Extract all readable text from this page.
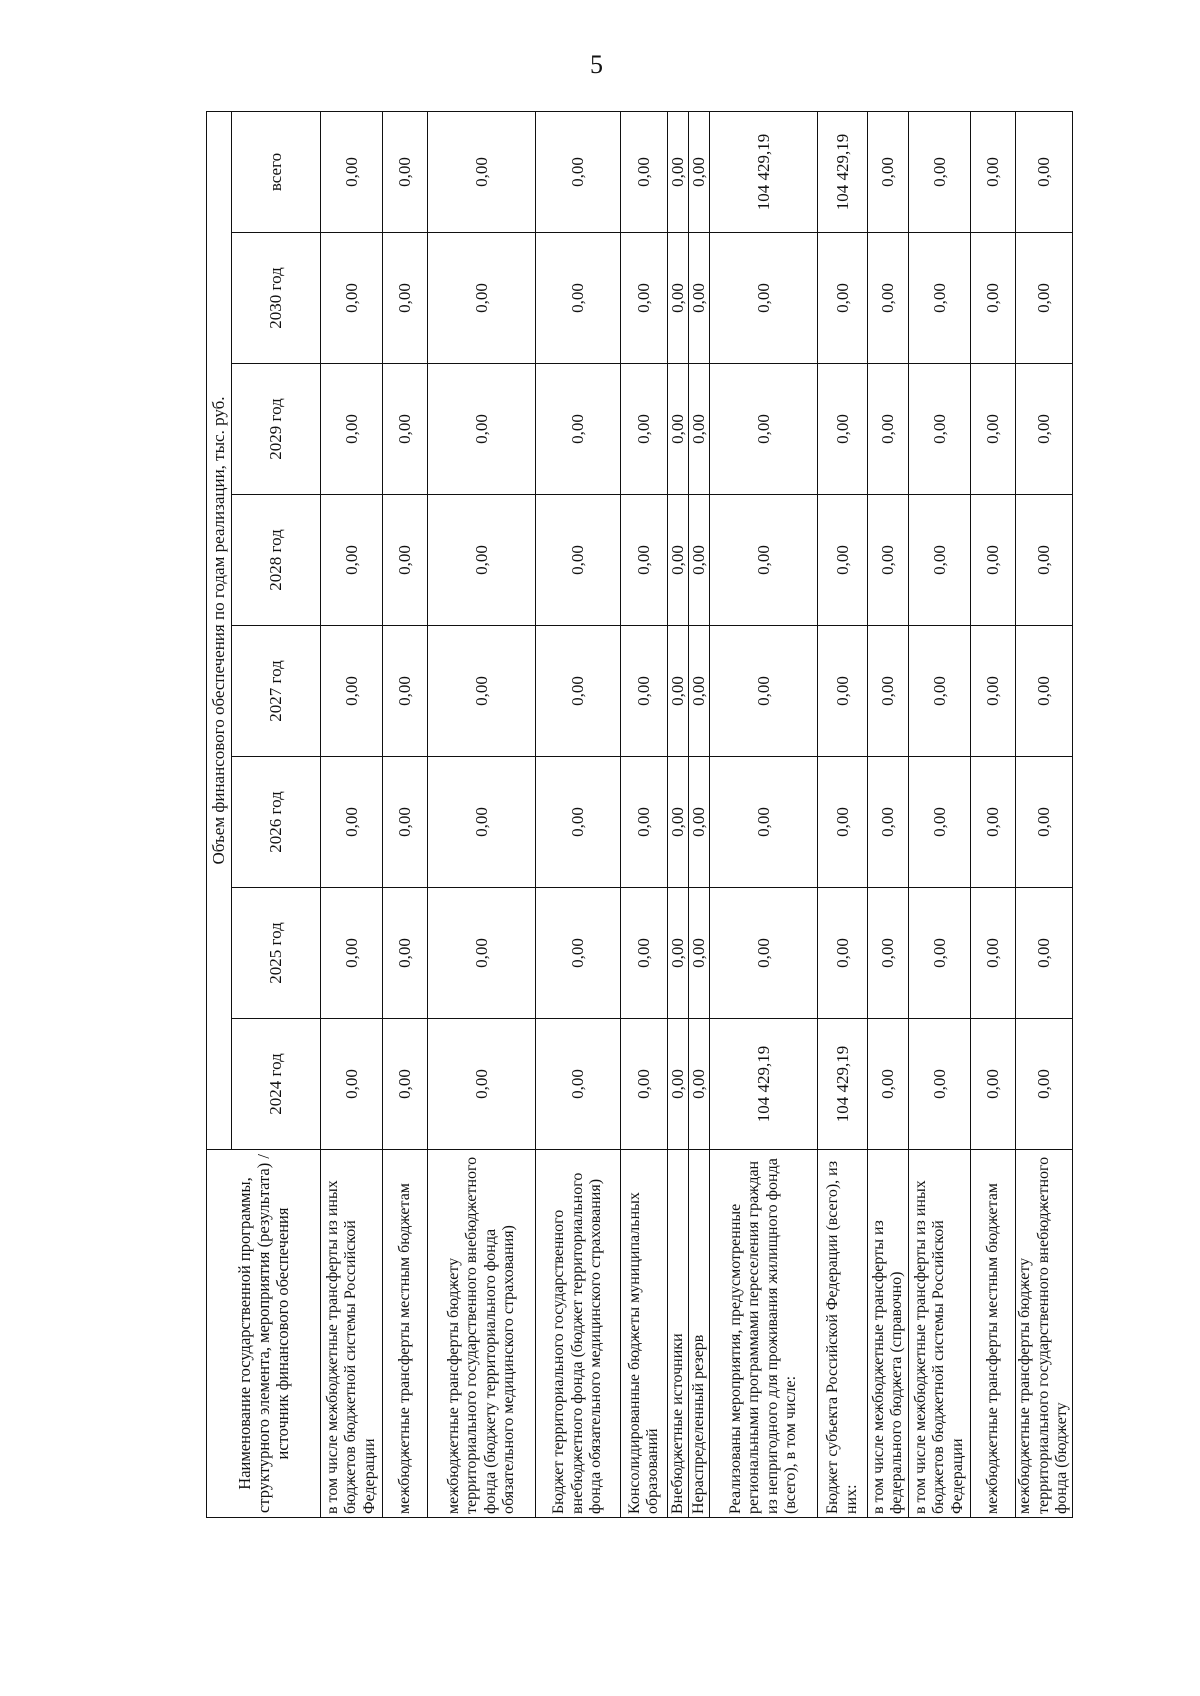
5
Наименование государственной программы, структурного элемента, мероприятия (результата) / источник финансового обеспечения	Объем финансового обеспечения по годам реализации, тыс. руб.							
	2024 год	2025 год	2026 год	2027 год	2028 год	2029 год	2030 год	всего
в том числе межбюджетные трансферты из иных бюджетов бюджетной системы Российской Федерации	0,00	0,00	0,00	0,00	0,00	0,00	0,00	0,00
межбюджетные трансферты местным бюджетам	0,00	0,00	0,00	0,00	0,00	0,00	0,00	0,00
межбюджетные трансферты бюджету территориального государственного внебюджетного фонда (бюджету территориального фонда обязательного медицинского страхования)	0,00	0,00	0,00	0,00	0,00	0,00	0,00	0,00
Бюджет территориального государственного внебюджетного фонда (бюджет территориального фонда обязательного медицинского страхования)	0,00	0,00	0,00	0,00	0,00	0,00	0,00	0,00
Консолидированные бюджеты муниципальных образований	0,00	0,00	0,00	0,00	0,00	0,00	0,00	0,00
Внебюджетные источники	0,00	0,00	0,00	0,00	0,00	0,00	0,00	0,00
Нераспределенный резерв	0,00	0,00	0,00	0,00	0,00	0,00	0,00	0,00
Реализованы мероприятия, предусмотренные региональными программами переселения граждан из непригодного для проживания жилищного фонда (всего), в том числе:	104 429,19	0,00	0,00	0,00	0,00	0,00	0,00	104 429,19
Бюджет субъекта Российской Федерации (всего), из них:	104 429,19	0,00	0,00	0,00	0,00	0,00	0,00	104 429,19
в том числе межбюджетные трансферты из федерального бюджета (справочно)	0,00	0,00	0,00	0,00	0,00	0,00	0,00	0,00
в том числе межбюджетные трансферты из иных бюджетов бюджетной системы Российской Федерации	0,00	0,00	0,00	0,00	0,00	0,00	0,00	0,00
межбюджетные трансферты местным бюджетам	0,00	0,00	0,00	0,00	0,00	0,00	0,00	0,00
межбюджетные трансферты бюджету территориального государственного внебюджетного фонда (бюджету	0,00	0,00	0,00	0,00	0,00	0,00	0,00	0,00
